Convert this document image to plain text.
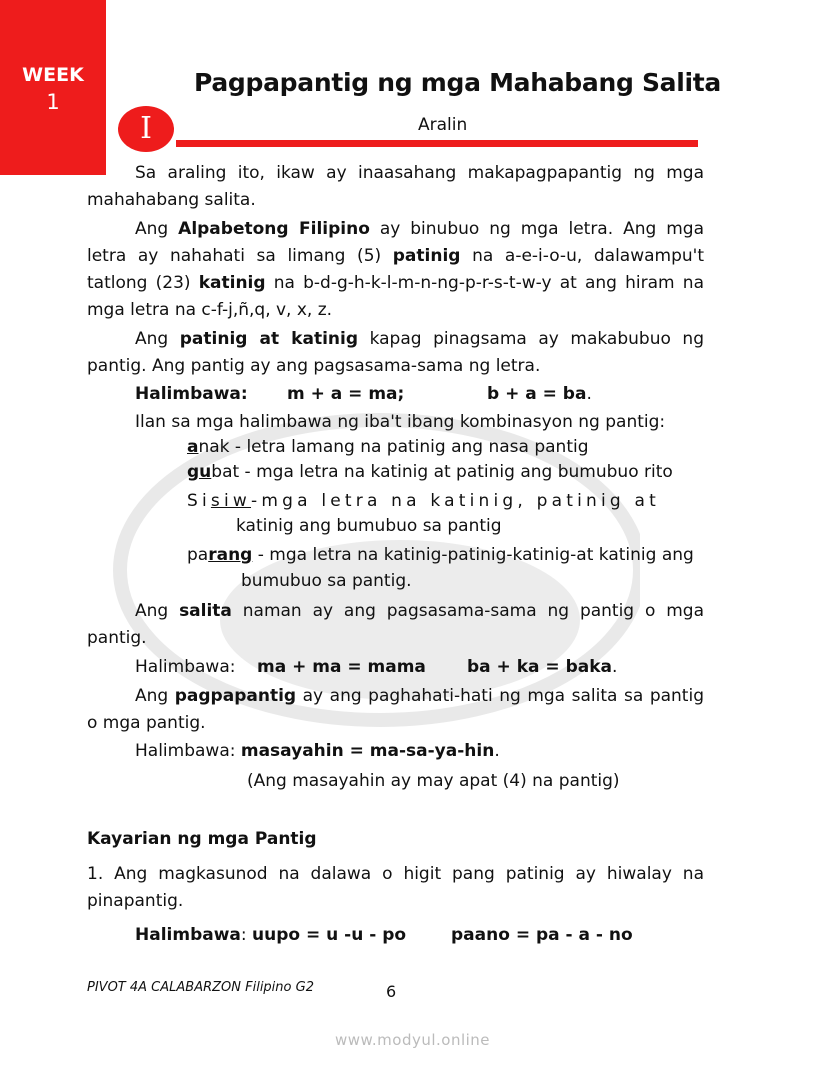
WEEK
1
Pagpapantig ng mga Mahabang Salita
I	Aralin
Sa araling ito, ikaw ay inaasahang makapagpapantig ng mga mahahabang salita.
Ang Alpabetong Filipino ay binubuo ng mga letra. Ang mga letra ay nahahati sa limang (5) patinig na a-e-i-o-u, dalawampu't tatlong (23) katinig na b-d-g-h-k-l-m-n-ng-p-r-s-t-w-y at ang hiram na mga letra na c-f-j,ñ,q, v, x, z.
Ang patinig at katinig kapag pinagsama ay makabubuo ng pantig. Ang pantig ay ang pagsasama-sama ng letra.
Halimbawa: m + a = ma;	b + a = ba.
Ilan sa mga halimbawa ng iba't ibang kombinasyon ng pantig:
anak - letra lamang na patinig ang nasa pantig
gubat - mga letra na katinig at patinig ang bumubuo rito
Sisiw-mga letra na katinig, patinig at
katinig ang bumubuo sa pantig
parang - mga letra na katinig-patinig-katinig-at katinig ang
bumubuo sa pantig.
Ang salita naman ay ang pagsasama-sama ng pantig o mga pantig.
Halimbawa: ma + ma = mama ba + ka = baka.
Ang pagpapantig ay ang paghahati-hati ng mga salita sa pantig o mga pantig.
Halimbawa: masayahin = ma-sa-ya-hin.
(Ang masayahin ay may apat (4) na pantig)
Kayarian ng mga Pantig
1. Ang magkasunod na dalawa o higit pang patinig ay hiwalay na pinapantig.
Halimbawa: uupo = u -u - po	paano = pa - a - no
PIVOT 4A CALABARZON Filipino G2	6
www.modyul.online
